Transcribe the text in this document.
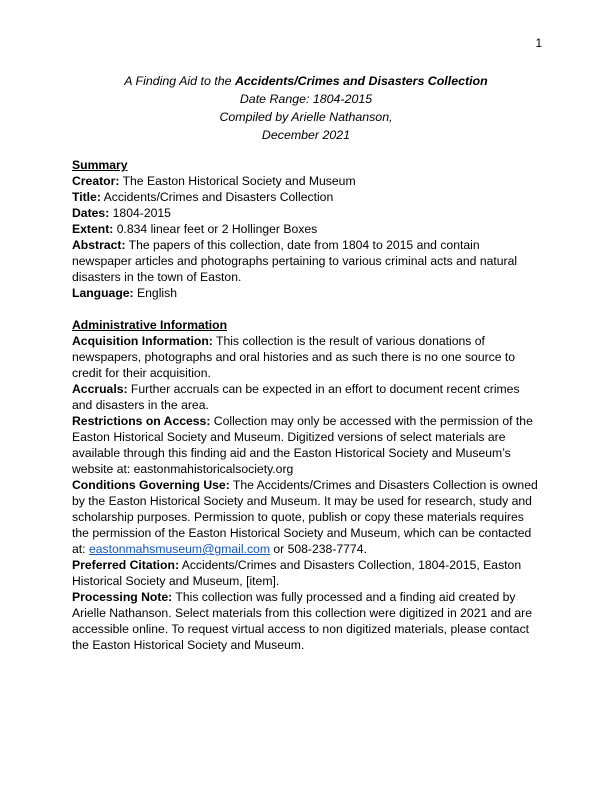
1
A Finding Aid to the Accidents/Crimes and Disasters Collection
Date Range: 1804-2015
Compiled by Arielle Nathanson,
December 2021

Summary

Creator: The Easton Historical Society and Museum

Title: Accidents/Crimes and Disasters Collection

Dates: 1804-2015

Extent: 0.834 linear feet or 2 Hollinger Boxes

Abstract: The papers of this collection, date from 1804 to 2015 and contain newspaper articles and photographs pertaining to various criminal acts and natural disasters in the town of Easton.

Language: English

Administrative Information

Acquisition Information: This collection is the result of various donations of newspapers, photographs and oral histories and as such there is no one source to credit for their acquisition.

Accruals: Further accruals can be expected in an effort to document recent crimes and disasters in the area.

Restrictions on Access: Collection may only be accessed with the permission of the Easton Historical Society and Museum. Digitized versions of select materials are available through this finding aid and the Easton Historical Society and Museum’s website at: eastonmahistoricalsociety.org

Conditions Governing Use: The Accidents/Crimes and Disasters Collection is owned by the Easton Historical Society and Museum. It may be used for research, study and scholarship purposes. Permission to quote, publish or copy these materials requires the permission of the Easton Historical Society and Museum, which can be contacted at: eastonmahsmuseum@gmail.com or 508-238-7774.

Preferred Citation: Accidents/Crimes and Disasters Collection, 1804-2015, Easton Historical Society and Museum, [item].

Processing Note: This collection was fully processed and a finding aid created by Arielle Nathanson. Select materials from this collection were digitized in 2021 and are accessible online. To request virtual access to non digitized materials, please contact the Easton Historical Society and Museum.
